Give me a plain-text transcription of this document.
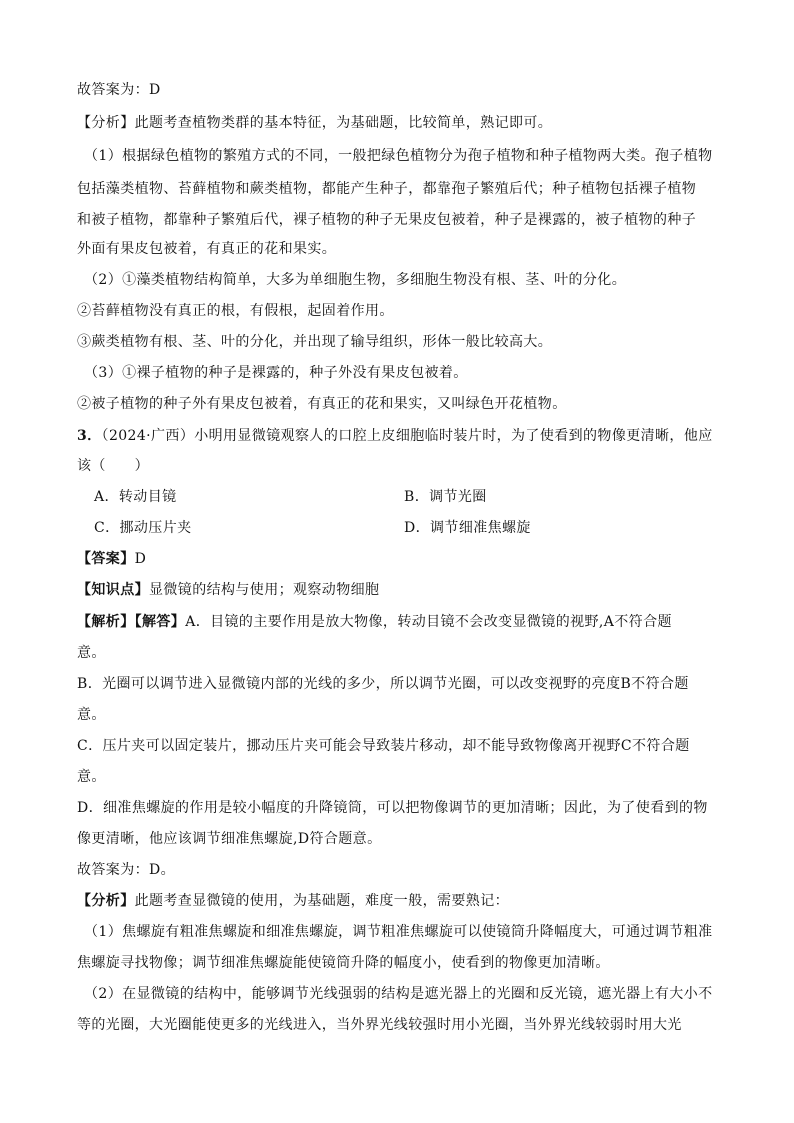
故答案为：D
【分析】此题考查植物类群的基本特征，为基础题，比较简单，熟记即可。
（1）根据绿色植物的繁殖方式的不同，一般把绿色植物分为孢子植物和种子植物两大类。孢子植物
包括藻类植物、苔藓植物和蕨类植物，都能产生种子，都靠孢子繁殖后代；种子植物包括裸子植物
和被子植物，都靠种子繁殖后代，裸子植物的种子无果皮包被着，种子是裸露的，被子植物的种子
外面有果皮包被着，有真正的花和果实。
（2）①藻类植物结构简单，大多为单细胞生物，多细胞生物没有根、茎、叶的分化。
②苔藓植物没有真正的根，有假根，起固着作用。
③蕨类植物有根、茎、叶的分化，并出现了输导组织，形体一般比较高大。
（3）①裸子植物的种子是裸露的，种子外没有果皮包被着。
②被子植物的种子外有果皮包被着，有真正的花和果实，又叫绿色开花植物。
3．（2024·广西）小明用显微镜观察人的口腔上皮细胞临时装片时，为了使看到的物像更清晰，他应
该（　　）
A．转动目镜	B．调节光圈
C．挪动压片夹	D．调节细准焦螺旋
【答案】D
【知识点】显微镜的结构与使用；观察动物细胞
【解析】【解答】A．目镜的主要作用是放大物像，转动目镜不会改变显微镜的视野,A不符合题
意。
B．光圈可以调节进入显微镜内部的光线的多少，所以调节光圈，可以改变视野的亮度B不符合题
意。
C．压片夹可以固定装片，挪动压片夹可能会导致装片移动，却不能导致物像离开视野C不符合题
意。
D．细准焦螺旋的作用是较小幅度的升降镜筒，可以把物像调节的更加清晰；因此，为了使看到的物
像更清晰，他应该调节细准焦螺旋,D符合题意。
故答案为：D。
【分析】此题考查显微镜的使用，为基础题，难度一般，需要熟记：
（1）焦螺旋有粗准焦螺旋和细准焦螺旋，调节粗准焦螺旋可以使镜筒升降幅度大，可通过调节粗准
焦螺旋寻找物像；调节细准焦螺旋能使镜筒升降的幅度小，使看到的物像更加清晰。
（2）在显微镜的结构中，能够调节光线强弱的结构是遮光器上的光圈和反光镜，遮光器上有大小不
等的光圈，大光圈能使更多的光线进入，当外界光线较强时用小光圈，当外界光线较弱时用大光
